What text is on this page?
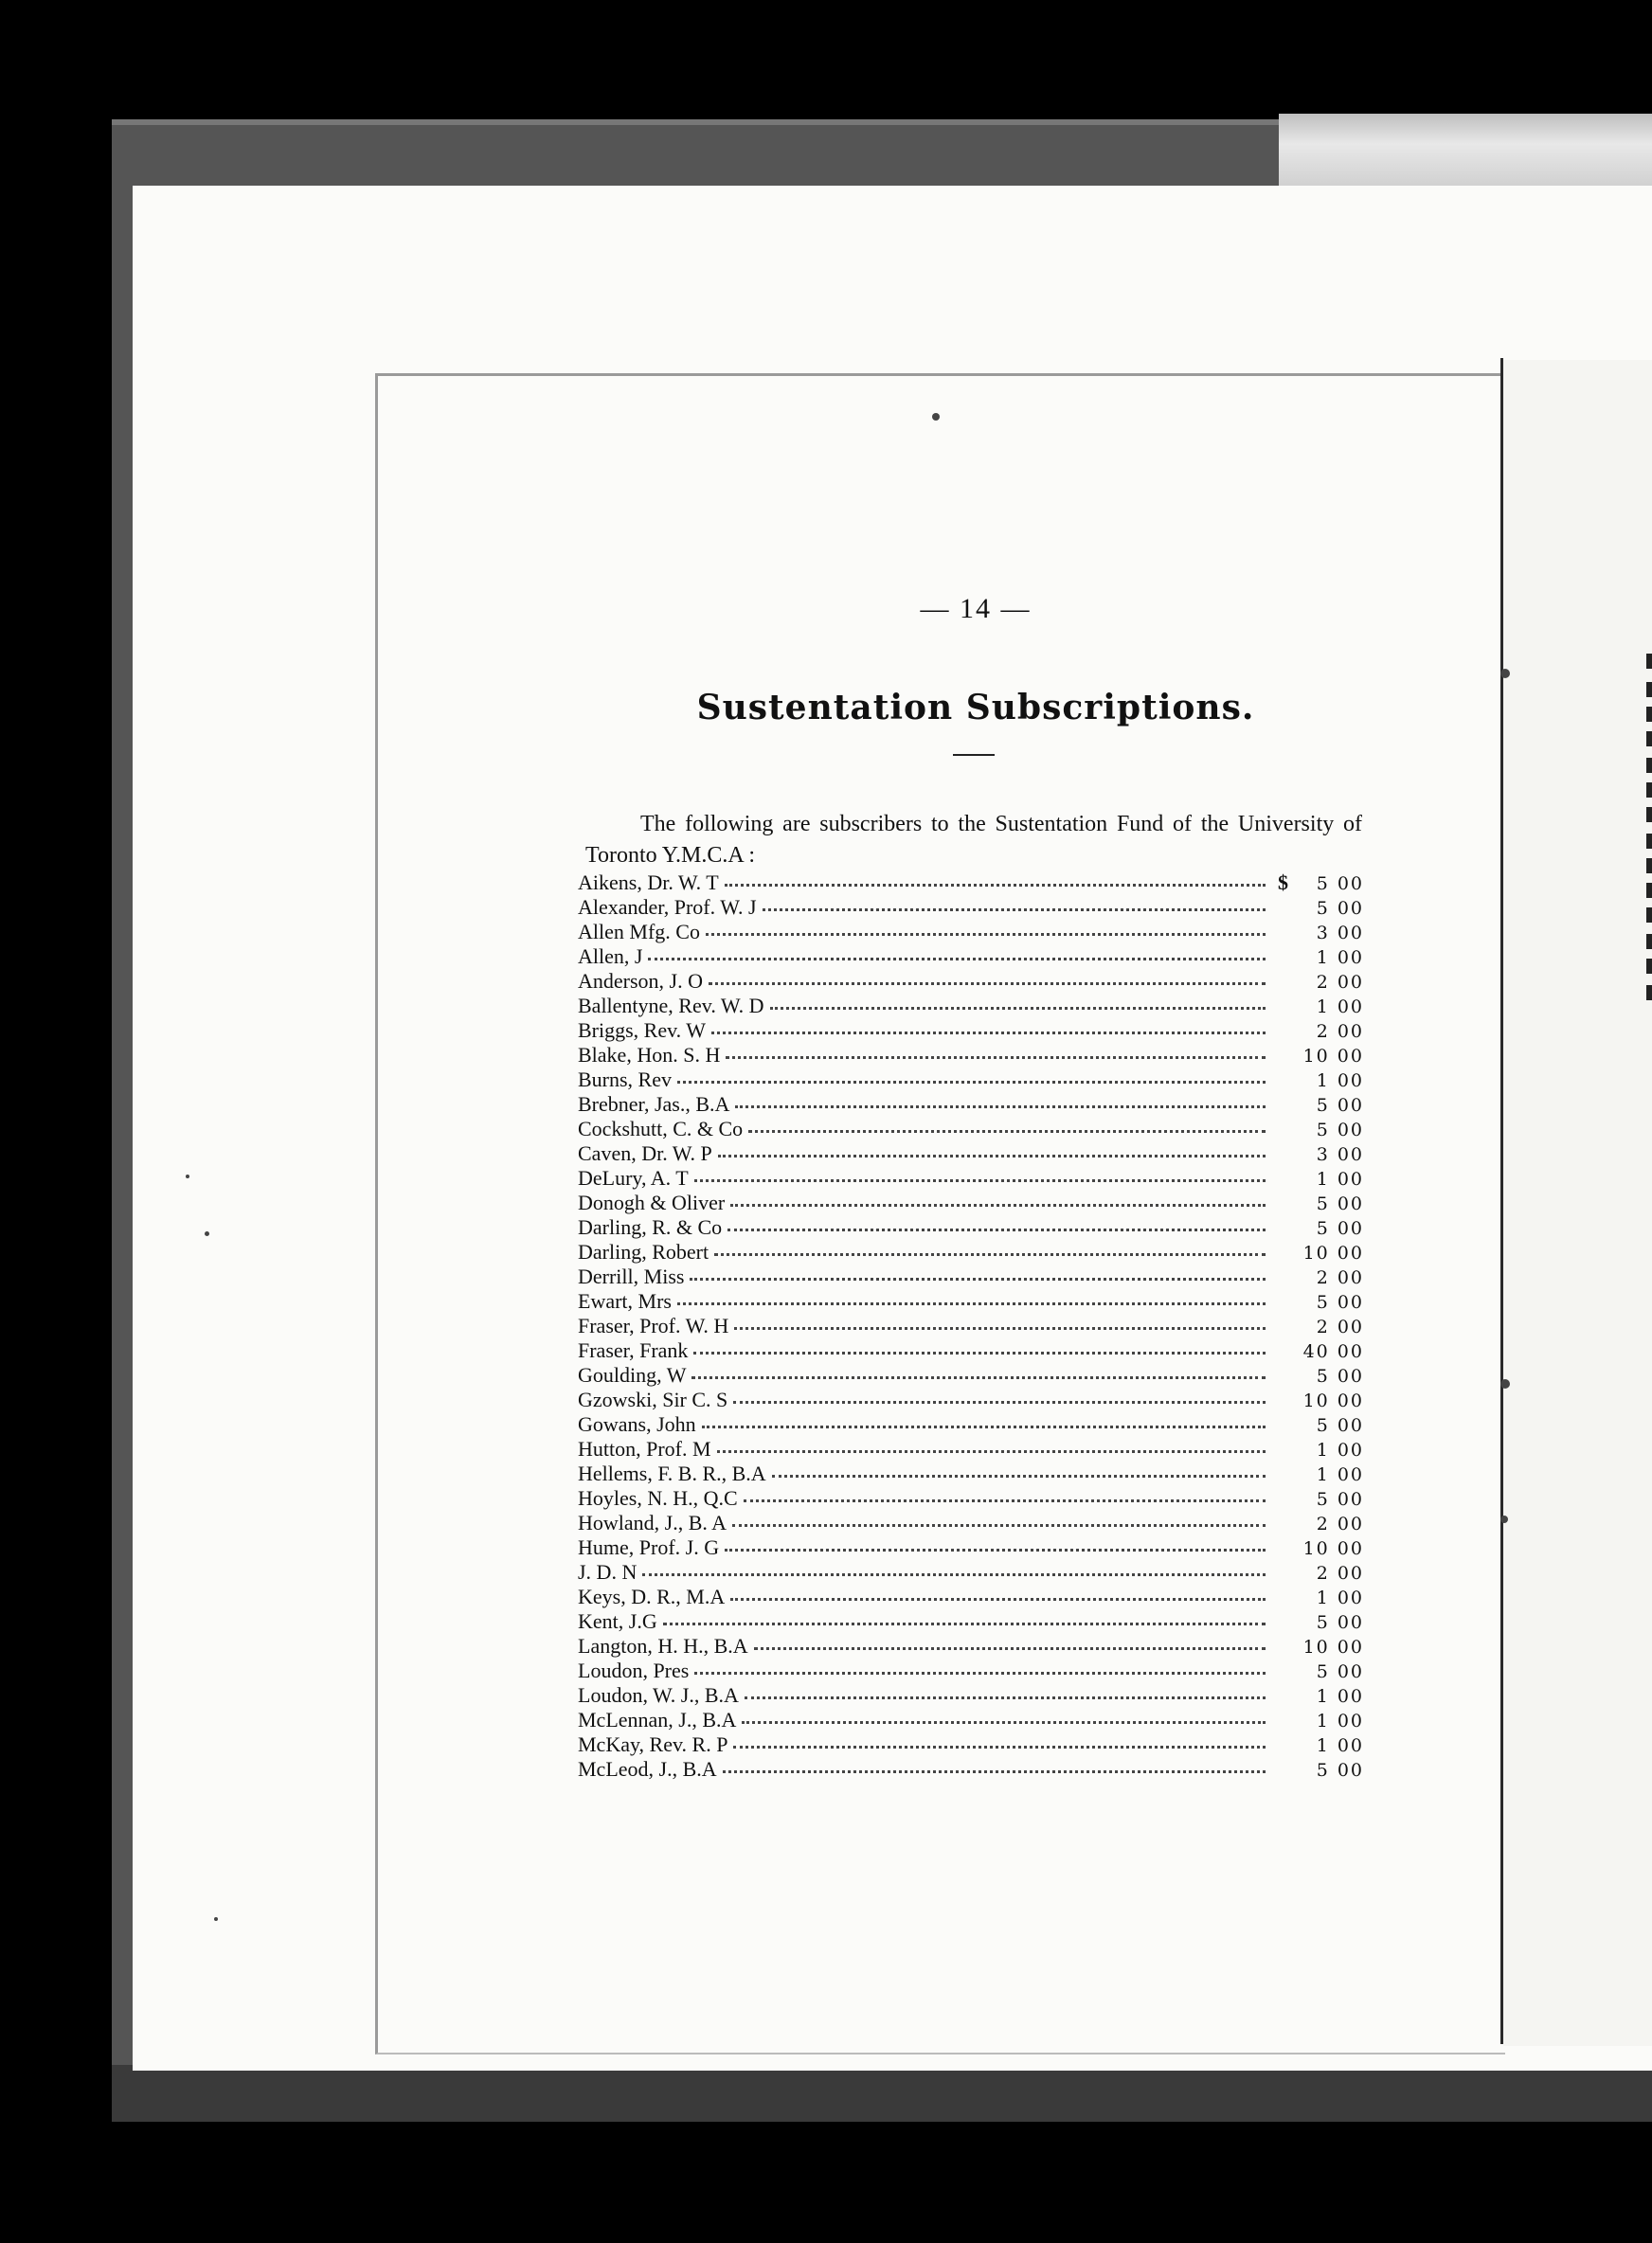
— 14 —
Sustentation Subscriptions.

The following are subscribers to the Sustentation Fund of the University of Toronto Y.M.C.A :

Aikens, Dr. W. T	$	5 00
Alexander, Prof. W. J	5 00
Allen Mfg. Co	3 00
Allen, J	1 00
Anderson, J. O	2 00
Ballentyne, Rev. W. D	1 00
Briggs, Rev. W	2 00
Blake, Hon. S. H	10 00
Burns, Rev	1 00
Brebner, Jas., B.A	5 00
Cockshutt, C. & Co	5 00
Caven, Dr. W. P	3 00
DeLury, A. T	1 00
Donogh & Oliver	5 00
Darling, R. & Co	5 00
Darling, Robert	10 00
Derrill, Miss	2 00
Ewart, Mrs	5 00
Fraser, Prof. W. H	2 00
Fraser, Frank	40 00
Goulding, W	5 00
Gzowski, Sir C. S	10 00
Gowans, John	5 00
Hutton, Prof. M	1 00
Hellems, F. B. R., B.A	1 00
Hoyles, N. H., Q.C	5 00
Howland, J., B. A	2 00
Hume, Prof. J. G	10 00
J. D. N	2 00
Keys, D. R., M.A	1 00
Kent, J.G	5 00
Langton, H. H., B.A	10 00
Loudon, Pres	5 00
Loudon, W. J., B.A	1 00
McLennan, J., B.A	1 00
McKay, Rev. R. P	1 00
McLeod, J., B.A	5 00
